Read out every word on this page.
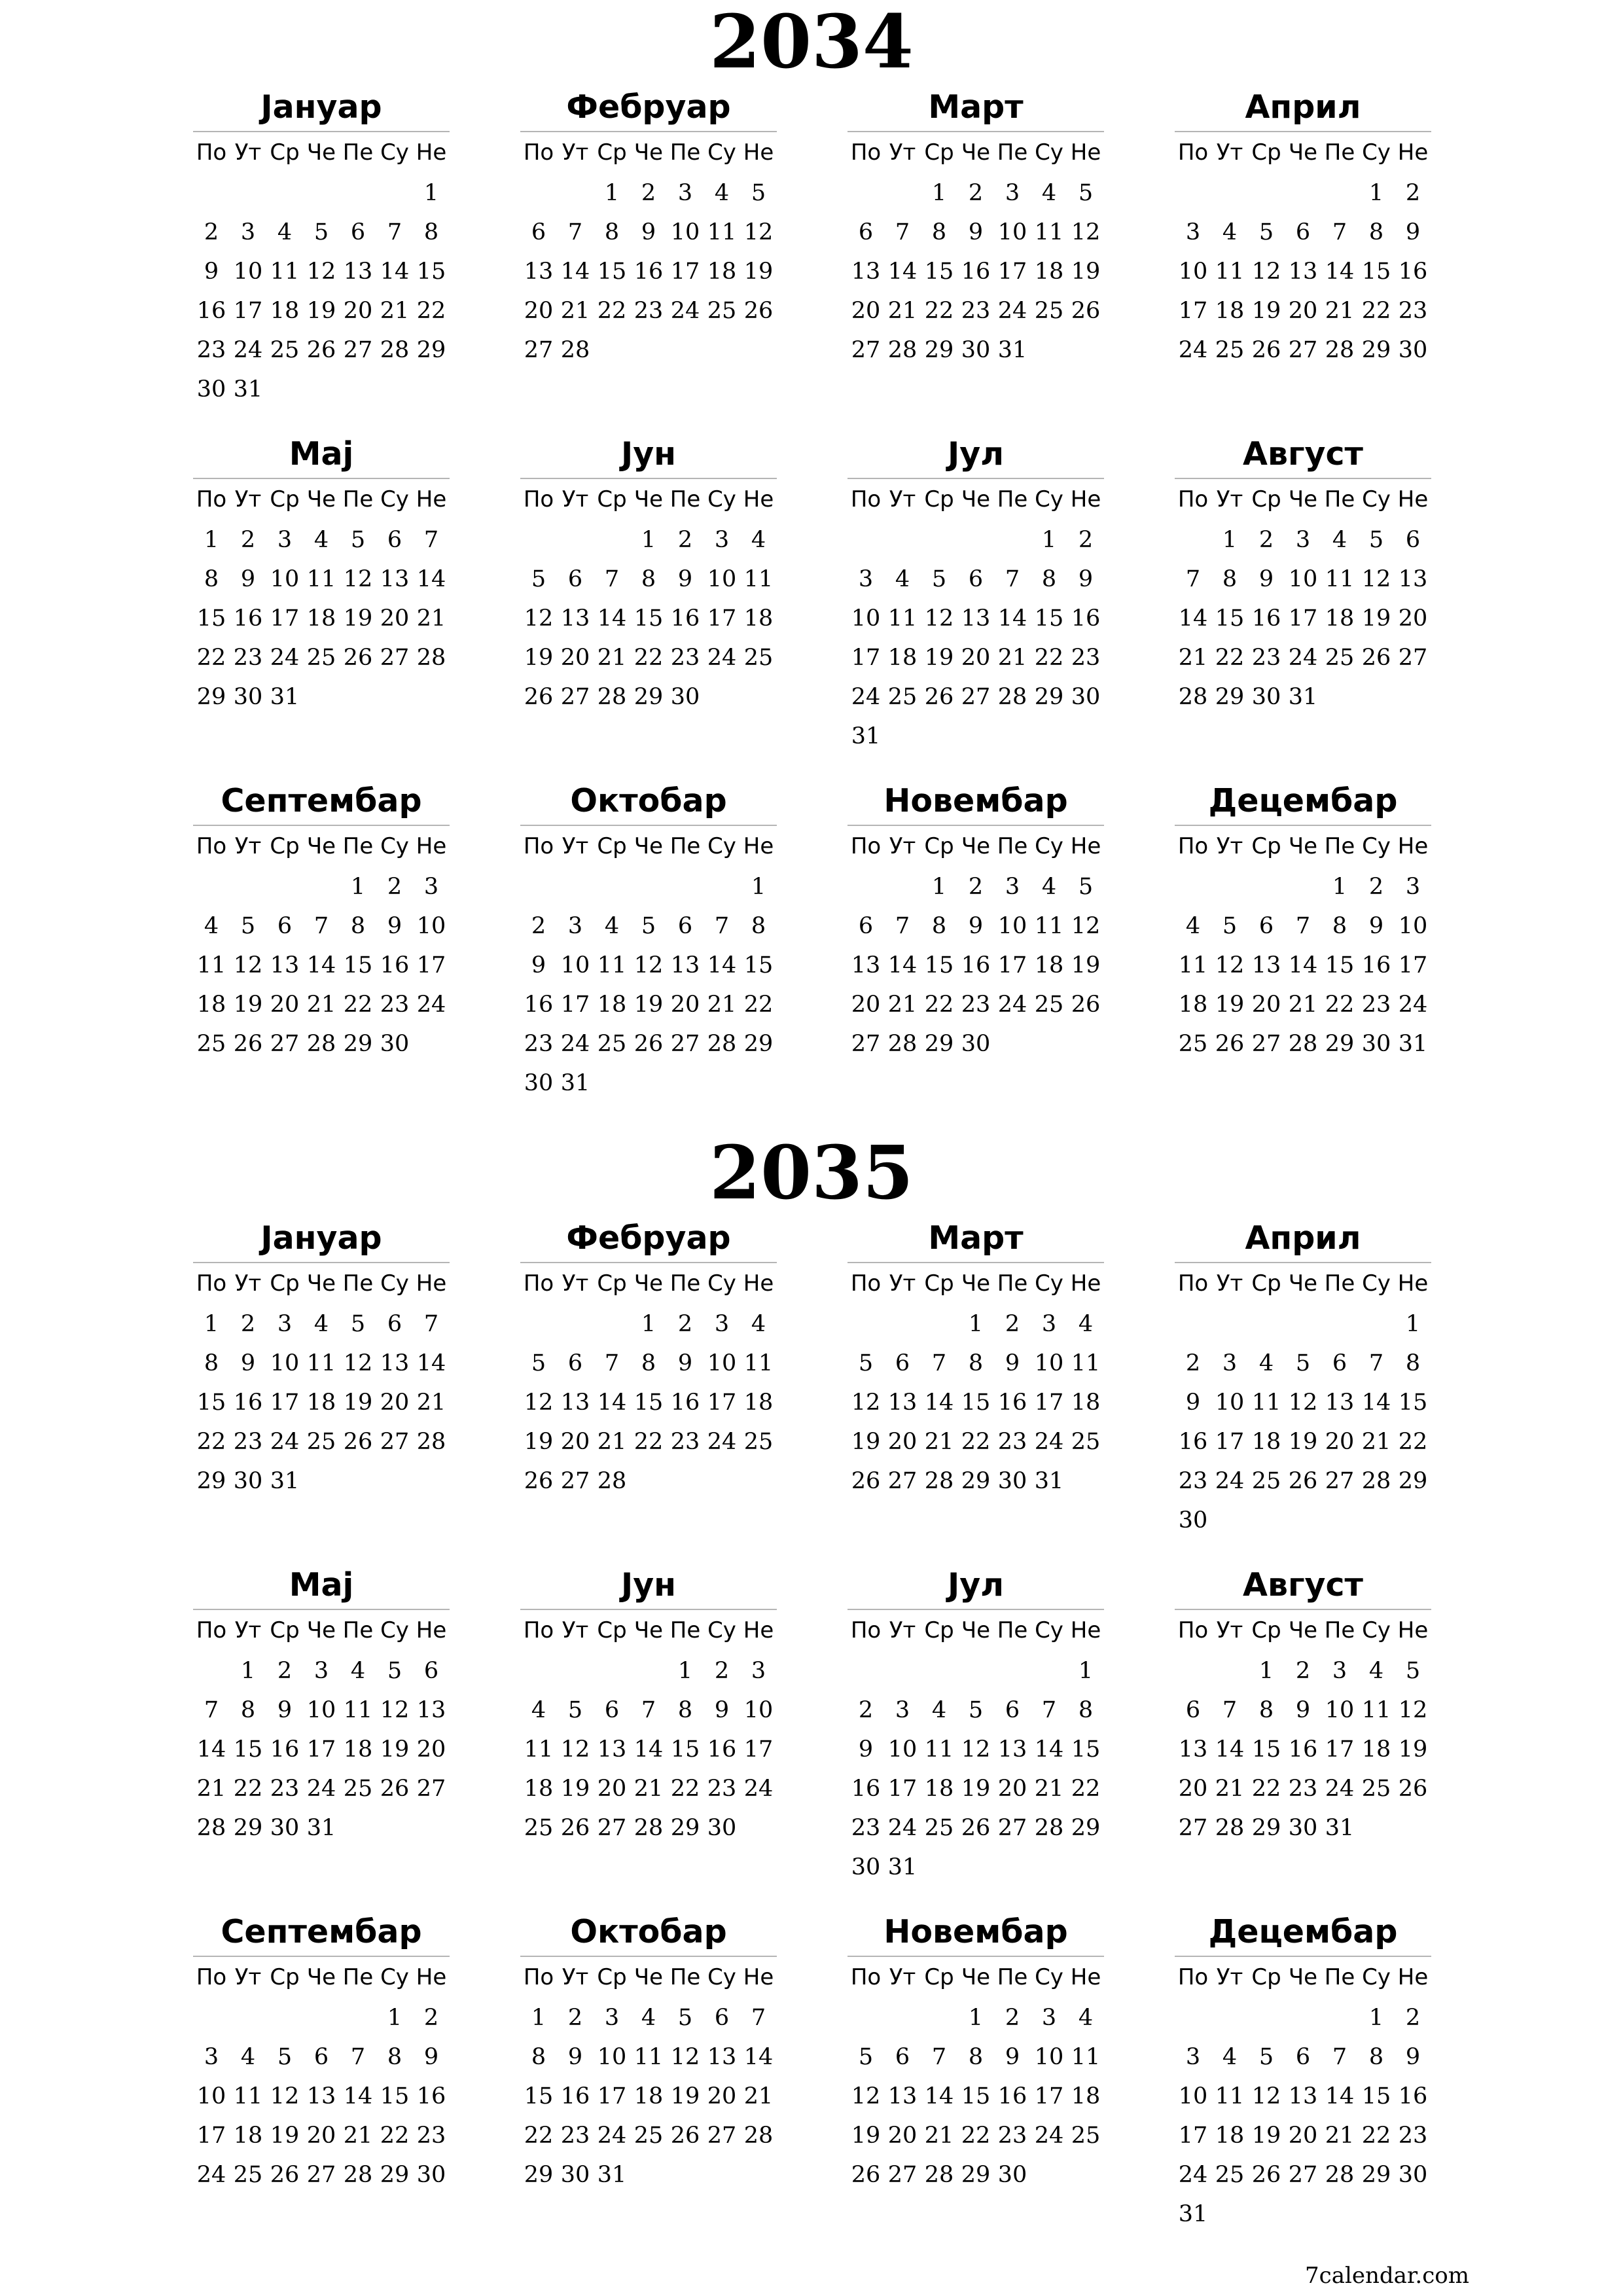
2034
Јануар
По Ут Ср Че Пе Су Не
1
2 3 4 5 6 7 8
9 10 11 12 13 14 15
16 17 18 19 20 21 22
23 24 25 26 27 28 29
30 31
Фебруар
По Ут Ср Че Пе Су Не
1 2 3 4 5
6 7 8 9 10 11 12
13 14 15 16 17 18 19
20 21 22 23 24 25 26
27 28
Март
По Ут Ср Че Пе Су Не
1 2 3 4 5
6 7 8 9 10 11 12
13 14 15 16 17 18 19
20 21 22 23 24 25 26
27 28 29 30 31
Април
По Ут Ср Че Пе Су Не
1 2
3 4 5 6 7 8 9
10 11 12 13 14 15 16
17 18 19 20 21 22 23
24 25 26 27 28 29 30
Мај
По Ут Ср Че Пе Су Не
1 2 3 4 5 6 7
8 9 10 11 12 13 14
15 16 17 18 19 20 21
22 23 24 25 26 27 28
29 30 31
Јун
По Ут Ср Че Пе Су Не
1 2 3 4
5 6 7 8 9 10 11
12 13 14 15 16 17 18
19 20 21 22 23 24 25
26 27 28 29 30
Јул
По Ут Ср Че Пе Су Не
1 2
3 4 5 6 7 8 9
10 11 12 13 14 15 16
17 18 19 20 21 22 23
24 25 26 27 28 29 30
31
Август
По Ут Ср Че Пе Су Не
1 2 3 4 5 6
7 8 9 10 11 12 13
14 15 16 17 18 19 20
21 22 23 24 25 26 27
28 29 30 31
Септембар
По Ут Ср Че Пе Су Не
1 2 3
4 5 6 7 8 9 10
11 12 13 14 15 16 17
18 19 20 21 22 23 24
25 26 27 28 29 30
Октобар
По Ут Ср Че Пе Су Не
1
2 3 4 5 6 7 8
9 10 11 12 13 14 15
16 17 18 19 20 21 22
23 24 25 26 27 28 29
30 31
Новембар
По Ут Ср Че Пе Су Не
1 2 3 4 5
6 7 8 9 10 11 12
13 14 15 16 17 18 19
20 21 22 23 24 25 26
27 28 29 30
Децембар
По Ут Ср Че Пе Су Не
1 2 3
4 5 6 7 8 9 10
11 12 13 14 15 16 17
18 19 20 21 22 23 24
25 26 27 28 29 30 31
2035
Јануар
По Ут Ср Че Пе Су Не
1 2 3 4 5 6 7
8 9 10 11 12 13 14
15 16 17 18 19 20 21
22 23 24 25 26 27 28
29 30 31
Фебруар
По Ут Ср Че Пе Су Не
1 2 3 4
5 6 7 8 9 10 11
12 13 14 15 16 17 18
19 20 21 22 23 24 25
26 27 28
Март
По Ут Ср Че Пе Су Не
1 2 3 4
5 6 7 8 9 10 11
12 13 14 15 16 17 18
19 20 21 22 23 24 25
26 27 28 29 30 31
Април
По Ут Ср Че Пе Су Не
1
2 3 4 5 6 7 8
9 10 11 12 13 14 15
16 17 18 19 20 21 22
23 24 25 26 27 28 29
30
Мај
По Ут Ср Че Пе Су Не
1 2 3 4 5 6
7 8 9 10 11 12 13
14 15 16 17 18 19 20
21 22 23 24 25 26 27
28 29 30 31
Јун
По Ут Ср Че Пе Су Не
1 2 3
4 5 6 7 8 9 10
11 12 13 14 15 16 17
18 19 20 21 22 23 24
25 26 27 28 29 30
Јул
По Ут Ср Че Пе Су Не
1
2 3 4 5 6 7 8
9 10 11 12 13 14 15
16 17 18 19 20 21 22
23 24 25 26 27 28 29
30 31
Август
По Ут Ср Че Пе Су Не
1 2 3 4 5
6 7 8 9 10 11 12
13 14 15 16 17 18 19
20 21 22 23 24 25 26
27 28 29 30 31
Септембар
По Ут Ср Че Пе Су Не
1 2
3 4 5 6 7 8 9
10 11 12 13 14 15 16
17 18 19 20 21 22 23
24 25 26 27 28 29 30
Октобар
По Ут Ср Че Пе Су Не
1 2 3 4 5 6 7
8 9 10 11 12 13 14
15 16 17 18 19 20 21
22 23 24 25 26 27 28
29 30 31
Новембар
По Ут Ср Че Пе Су Не
1 2 3 4
5 6 7 8 9 10 11
12 13 14 15 16 17 18
19 20 21 22 23 24 25
26 27 28 29 30
Децембар
По Ут Ср Че Пе Су Не
1 2
3 4 5 6 7 8 9
10 11 12 13 14 15 16
17 18 19 20 21 22 23
24 25 26 27 28 29 30
31
7calendar.com
